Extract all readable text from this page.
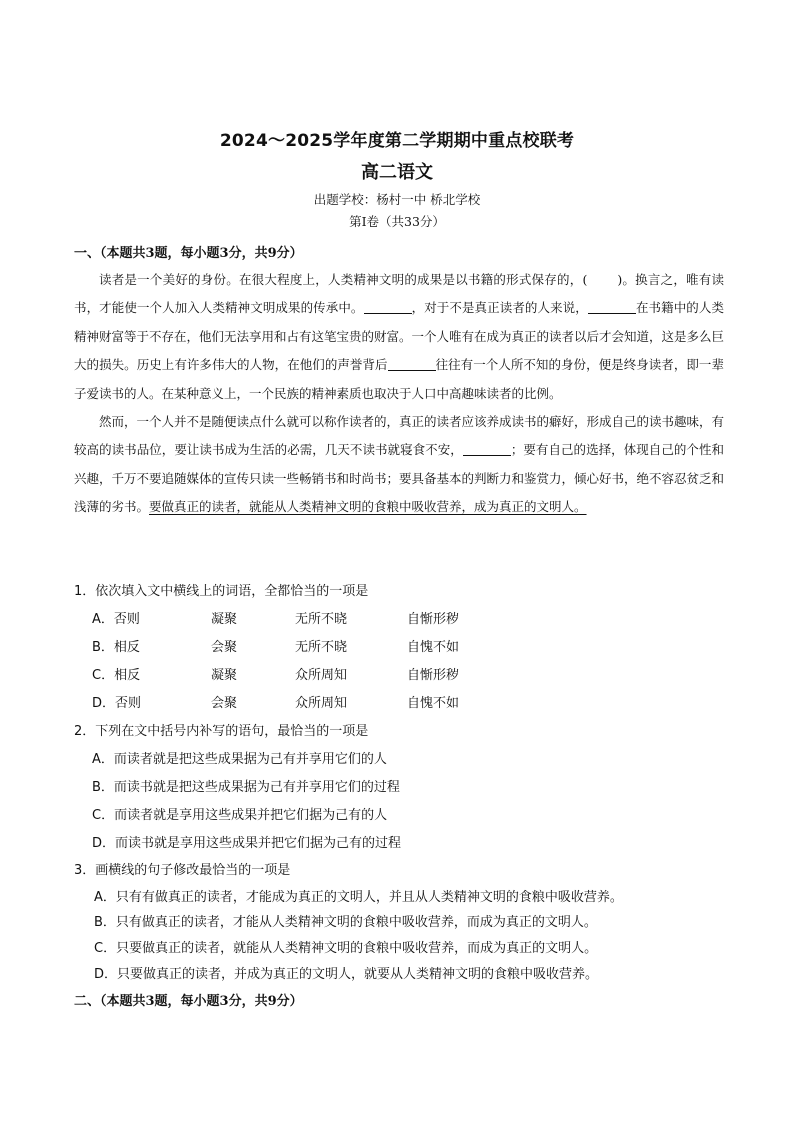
2024～2025学年度第二学期期中重点校联考
高二语文
出题学校：杨村一中 桥北学校
第Ⅰ卷（共33分）
一、（本题共3题，每小题3分，共9分）

读者是一个美好的身份。在很大程度上，人类精神文明的成果是以书籍的形式保存的，( )。换言之，唯有读书，才能使一个人加入人类精神文明成果的传承中。	，对于不是真正读者的人来说，	在书籍中的人类精神财富等于不存在，他们无法享用和占有这笔宝贵的财富。一个人唯有在成为真正的读者以后才会知道，这是多么巨大的损失。历史上有许多伟大的人物，在他们的声誉背后	往往有一个人所不知的身份，便是终身读者，即一辈子爱读书的人。在某种意义上，一个民族的精神素质也取决于人口中高趣味读者的比例。

然而，一个人并不是随便读点什么就可以称作读者的，真正的读者应该养成读书的癖好，形成自己的读书趣味，有较高的读书品位，要让读书成为生活的必需，几天不读书就寝食不安，	；要有自己的选择，体现自己的个性和兴趣，千万不要追随媒体的宣传只读一些畅销书和时尚书；要具备基本的判断力和鉴赏力，倾心好书，绝不容忍贫乏和浅薄的劣书。要做真正的读者，就能从人类精神文明的食粮中吸收营养，成为真正的文明人。

1．依次填入文中横线上的词语，全都恰当的一项是
A．否则	凝聚	无所不晓	自惭形秽
B．相反	会聚	无所不晓	自愧不如
C．相反	凝聚	众所周知	自惭形秽
D．否则	会聚	众所周知	自愧不如
2．下列在文中括号内补写的语句，最恰当的一项是
A．而读者就是把这些成果据为己有并享用它们的人
B．而读书就是把这些成果据为己有并享用它们的过程
C．而读者就是享用这些成果并把它们据为己有的人
D．而读书就是享用这些成果并把它们据为己有的过程
3．画横线的句子修改最恰当的一项是
A．只有有做真正的读者，才能成为真正的文明人，并且从人类精神文明的食粮中吸收营养。
B．只有做真正的读者，才能从人类精神文明的食粮中吸收营养，而成为真正的文明人。
C．只要做真正的读者，就能从人类精神文明的食粮中吸收营养，而成为真正的文明人。
D．只要做真正的读者，并成为真正的文明人，就要从人类精神文明的食粮中吸收营养。
二、（本题共3题，每小题3分，共9分）
